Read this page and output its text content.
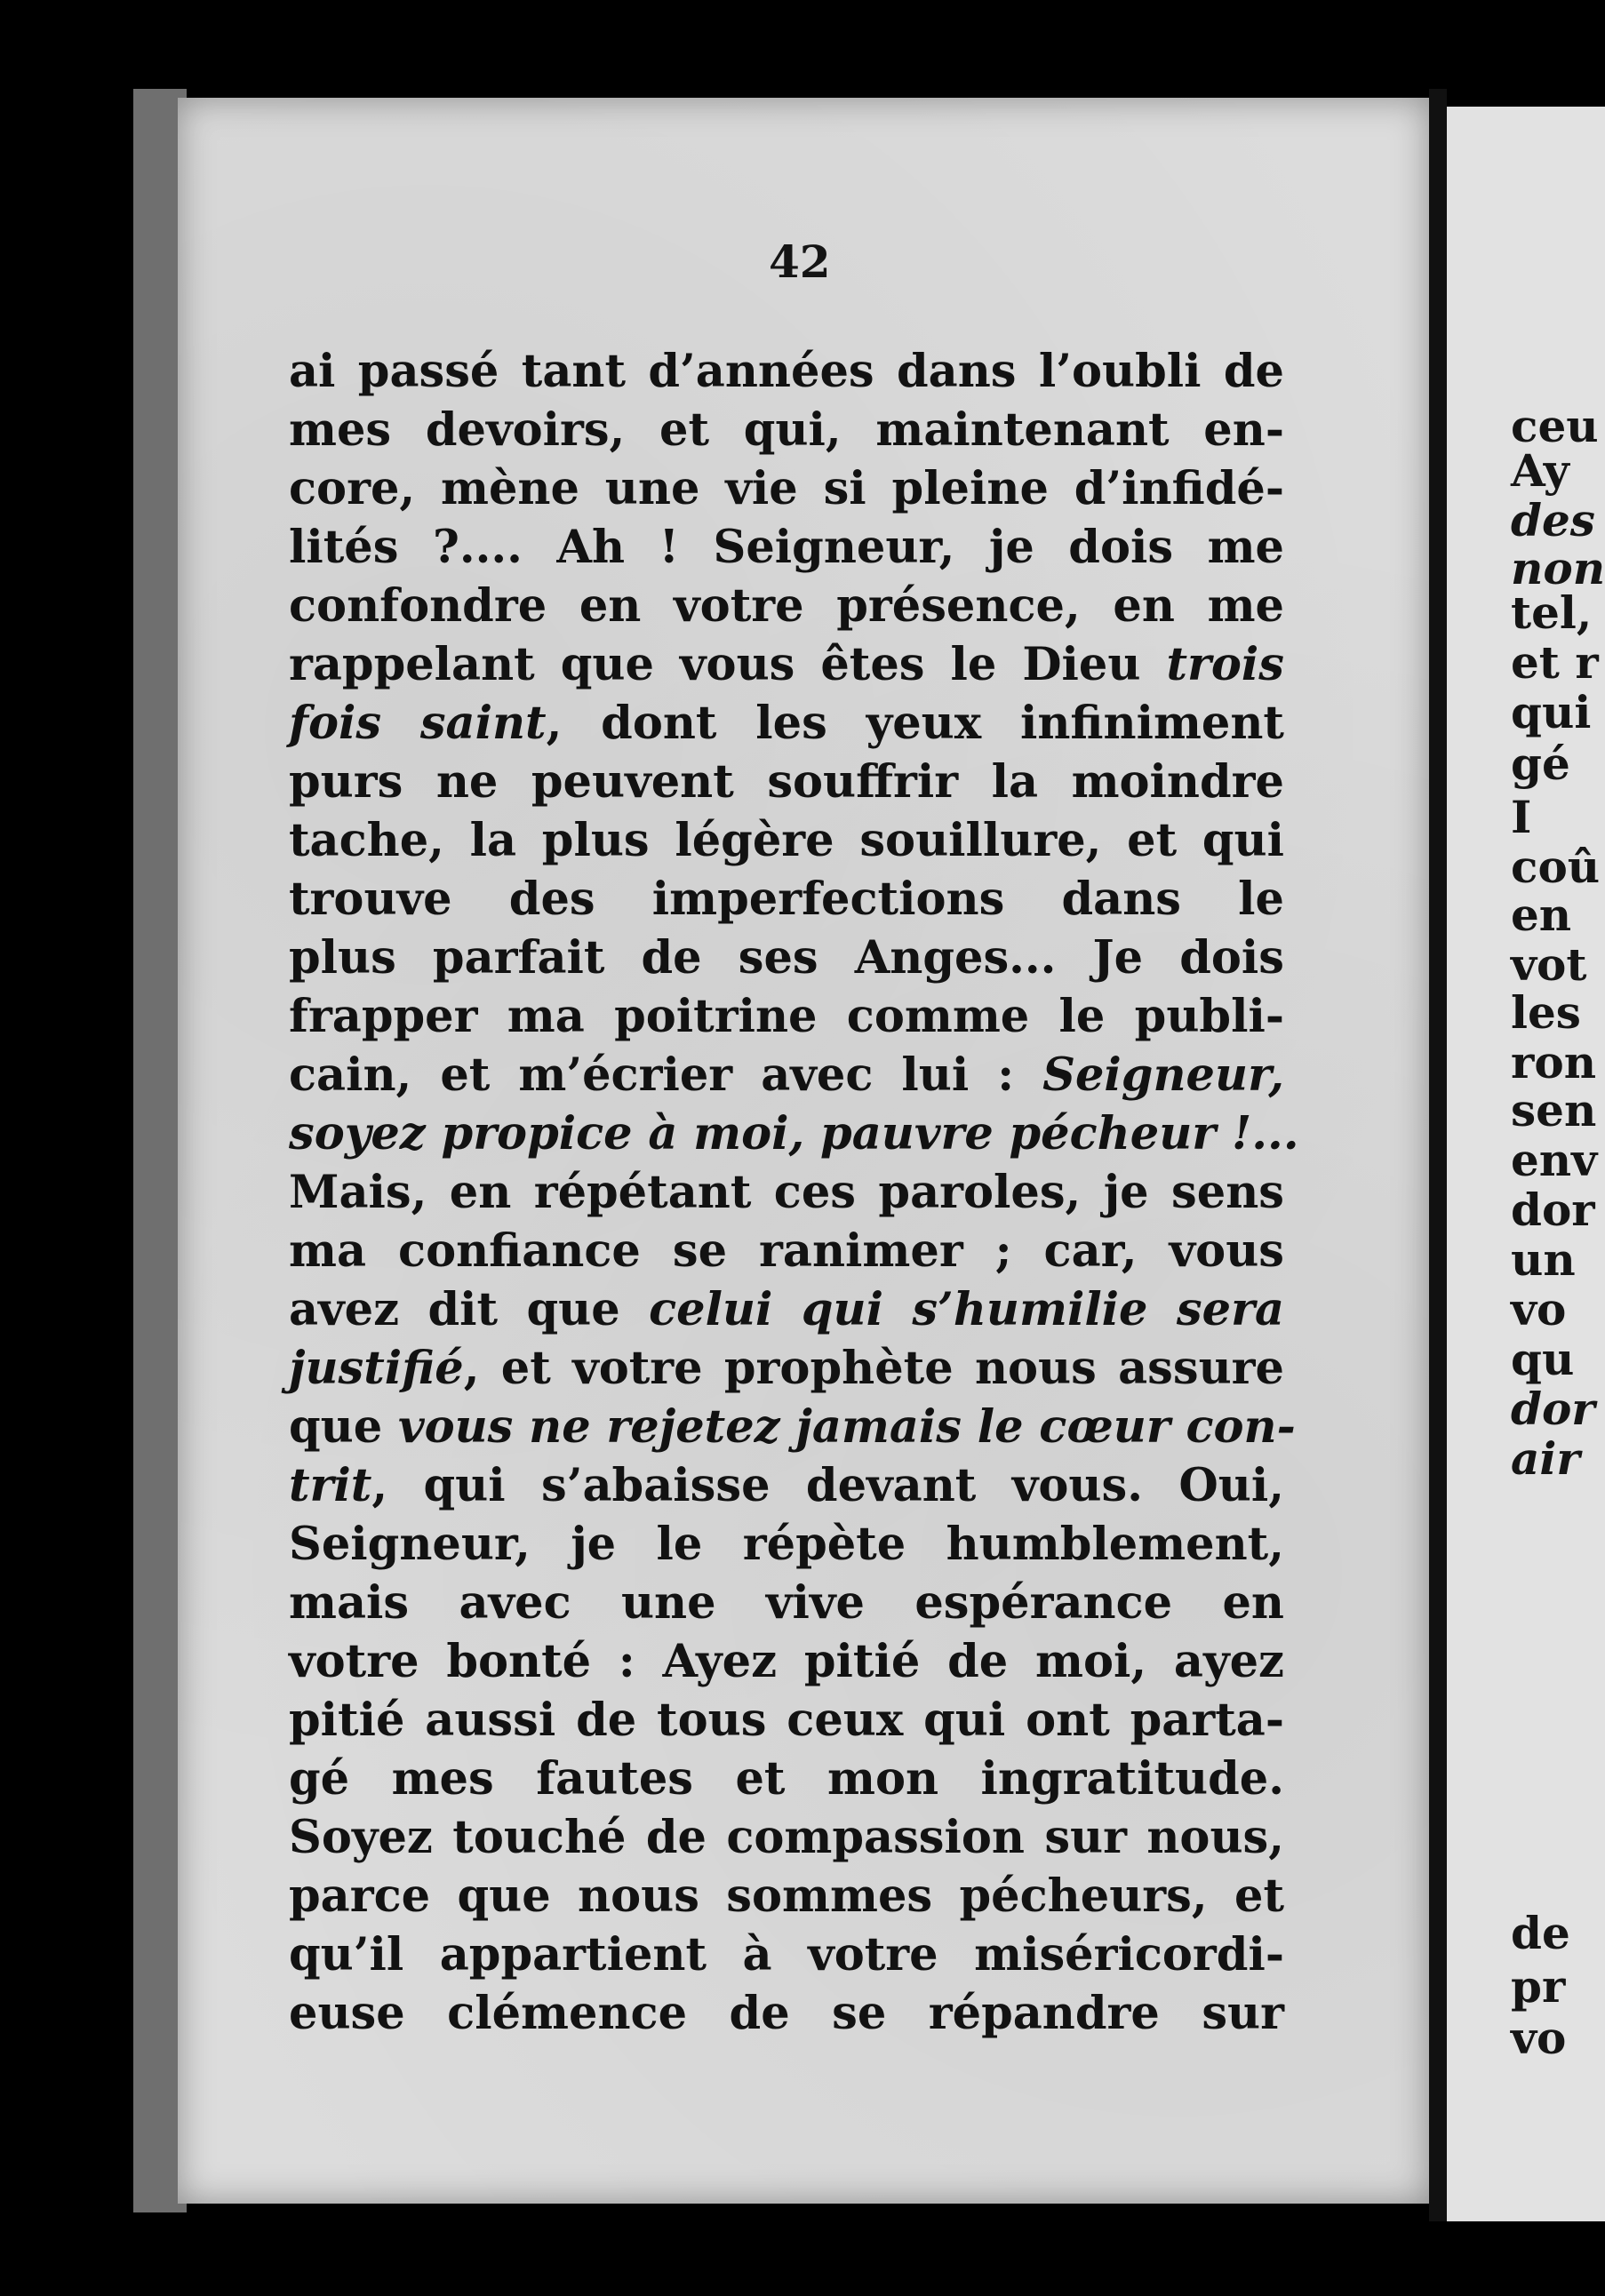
42
ai passé tant d’années dans l’oubli de
mes devoirs, et qui, maintenant en-
core, mène une vie si pleine d’infidé-
lités ?.... Ah ! Seigneur, je dois me
confondre en votre présence, en me
rappelant que vous êtes le Dieu trois
fois saint, dont les yeux infiniment
purs ne peuvent souffrir la moindre
tache, la plus légère souillure, et qui
trouve des imperfections dans le
plus parfait de ses Anges... Je dois
frapper ma poitrine comme le publi-
cain, et m’écrier avec lui : Seigneur,
soyez propice à moi, pauvre pécheur !...
Mais, en répétant ces paroles, je sens
ma confiance se ranimer ; car, vous
avez dit que celui qui s’humilie sera
justifié, et votre prophète nous assure
que vous ne rejetez jamais le cœur con-
trit, qui s’abaisse devant vous. Oui,
Seigneur, je le répète humblement,
mais avec une vive espérance en
votre bonté : Ayez pitié de moi, ayez
pitié aussi de tous ceux qui ont parta-
gé mes fautes et mon ingratitude.
Soyez touché de compassion sur nous,
parce que nous sommes pécheurs, et
qu’il appartient à votre miséricordi-
euse clémence de se répandre sur
ceu
Ay
des
non
tel,
et r
qui
gé
I
coû
en
vot
les
ron
sen
env
dor
un
vo
qu
dor
air
de
pr
vo
